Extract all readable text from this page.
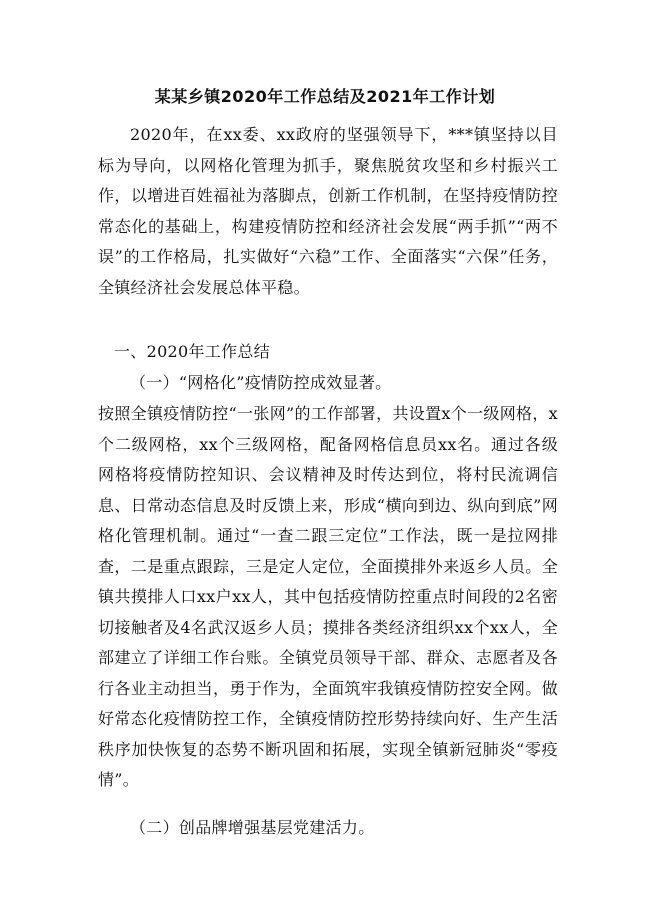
某某乡镇2020年工作总结及2021年工作计划
2020年，在xx委、xx政府的坚强领导下，***镇坚持以目标为导向，以网格化管理为抓手，聚焦脱贫攻坚和乡村振兴工作，以增进百姓福祉为落脚点，创新工作机制，在坚持疫情防控常态化的基础上，构建疫情防控和经济社会发展“两手抓”“两不误”的工作格局，扎实做好“六稳”工作、全面落实“六保”任务，全镇经济社会发展总体平稳。
一、2020年工作总结
（一）“网格化”疫情防控成效显著。
按照全镇疫情防控“一张网”的工作部署，共设置x个一级网格，x个二级网格，xx个三级网格，配备网格信息员xx名。通过各级网格将疫情防控知识、会议精神及时传达到位，将村民流调信息、日常动态信息及时反馈上来，形成“横向到边、纵向到底”网格化管理机制。通过“一查二跟三定位”工作法，既一是拉网排查，二是重点跟踪，三是定人定位，全面摸排外来返乡人员。全镇共摸排人口xx户xx人，其中包括疫情防控重点时间段的2名密切接触者及4名武汉返乡人员；摸排各类经济组织xx个xx人，全部建立了详细工作台账。全镇党员领导干部、群众、志愿者及各行各业主动担当，勇于作为，全面筑牢我镇疫情防控安全网。做好常态化疫情防控工作，全镇疫情防控形势持续向好、生产生活秩序加快恢复的态势不断巩固和拓展，实现全镇新冠肺炎“零疫情”。
（二）创品牌增强基层党建活力。
